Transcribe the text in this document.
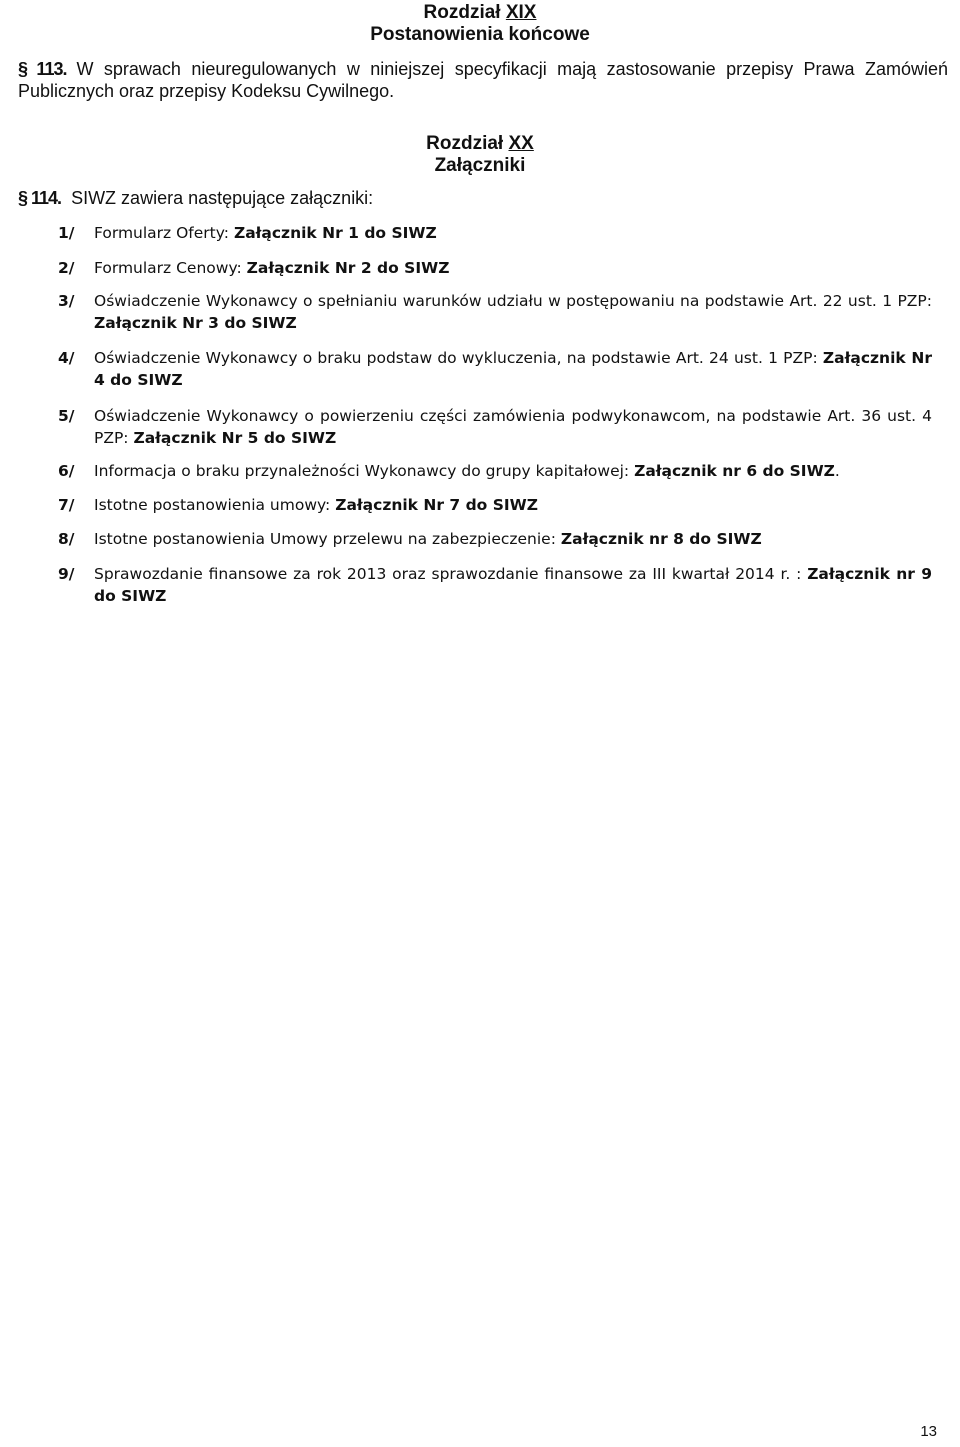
Rozdział XIX
Postanowienia końcowe

§ 113. W sprawach nieuregulowanych w niniejszej specyfikacji mają zastosowanie przepisy Prawa Zamówień Publicznych oraz przepisy Kodeksu Cywilnego.

Rozdział XX
Załączniki

§ 114. SIWZ zawiera następujące załączniki:

1/ Formularz Oferty: Załącznik Nr 1 do SIWZ
2/ Formularz Cenowy: Załącznik Nr 2 do SIWZ
3/ Oświadczenie Wykonawcy o spełnianiu warunków udziału w postępowaniu na podstawie Art. 22 ust. 1 PZP: Załącznik Nr 3 do SIWZ
4/ Oświadczenie Wykonawcy o braku podstaw do wykluczenia, na podstawie Art. 24 ust. 1 PZP: Załącznik Nr 4 do SIWZ
5/ Oświadczenie Wykonawcy o powierzeniu części zamówienia podwykonawcom, na podstawie Art. 36 ust. 4 PZP: Załącznik Nr 5 do SIWZ
6/ Informacja o braku przynależności Wykonawcy do grupy kapitałowej: Załącznik nr 6 do SIWZ.
7/ Istotne postanowienia umowy: Załącznik Nr 7 do SIWZ
8/ Istotne postanowienia Umowy przelewu na zabezpieczenie: Załącznik nr 8 do SIWZ
9/ Sprawozdanie finansowe za rok 2013 oraz sprawozdanie finansowe za III kwartał 2014 r. : Załącznik nr 9 do SIWZ
13
